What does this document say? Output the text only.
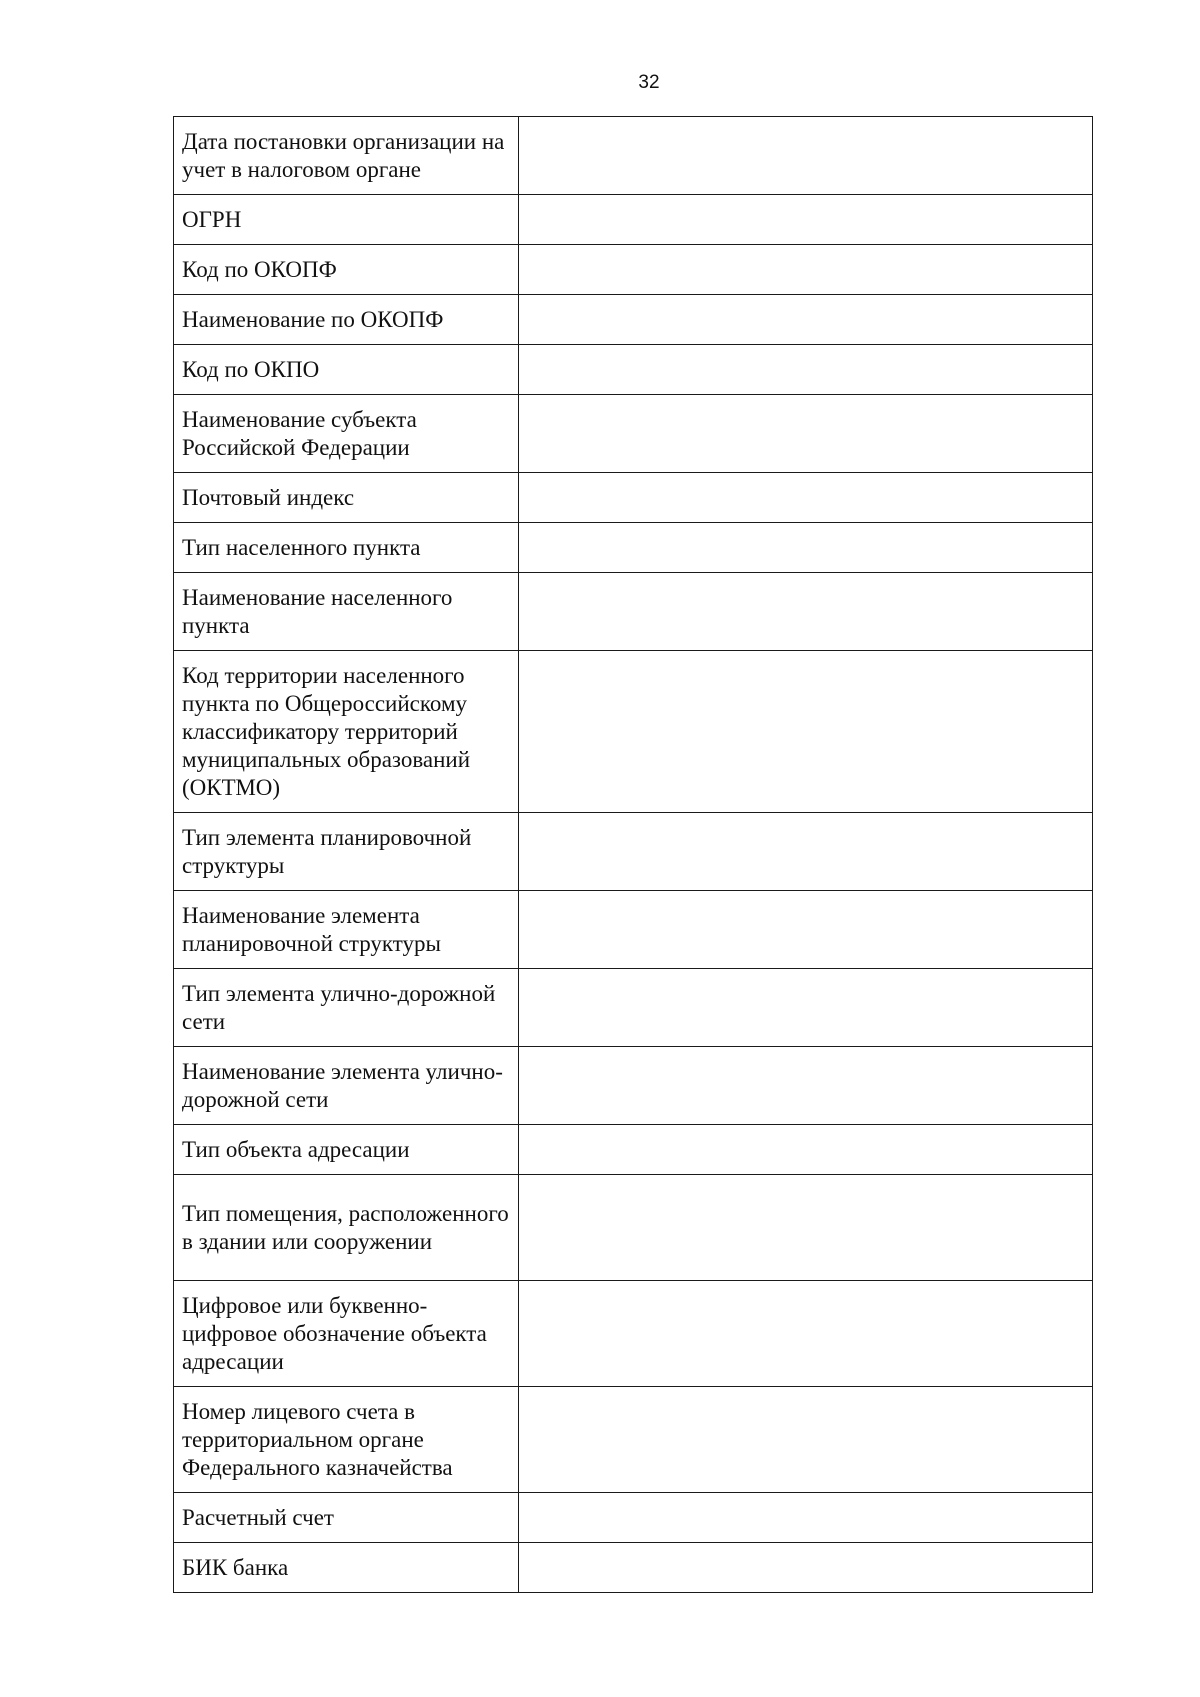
32
Дата постановки организации на учет в налоговом органе	
ОГРН	
Код по ОКОПФ	
Наименование по ОКОПФ	
Код по ОКПО	
Наименование субъекта Российской Федерации	
Почтовый индекс	
Тип населенного пункта	
Наименование населенного пункта	
Код территории населенного пункта по Общероссийскому классификатору территорий муниципальных образований (ОКТМО)	
Тип элемента планировочной структуры	
Наименование элемента планировочной структуры	
Тип элемента улично-дорожной сети	
Наименование элемента улично-дорожной сети	
Тип объекта адресации	
Тип помещения, расположенного в здании или сооружении	
Цифровое или буквенно-цифровое обозначение объекта адресации	
Номер лицевого счета в территориальном органе Федерального казначейства	
Расчетный счет	
БИК банка	
